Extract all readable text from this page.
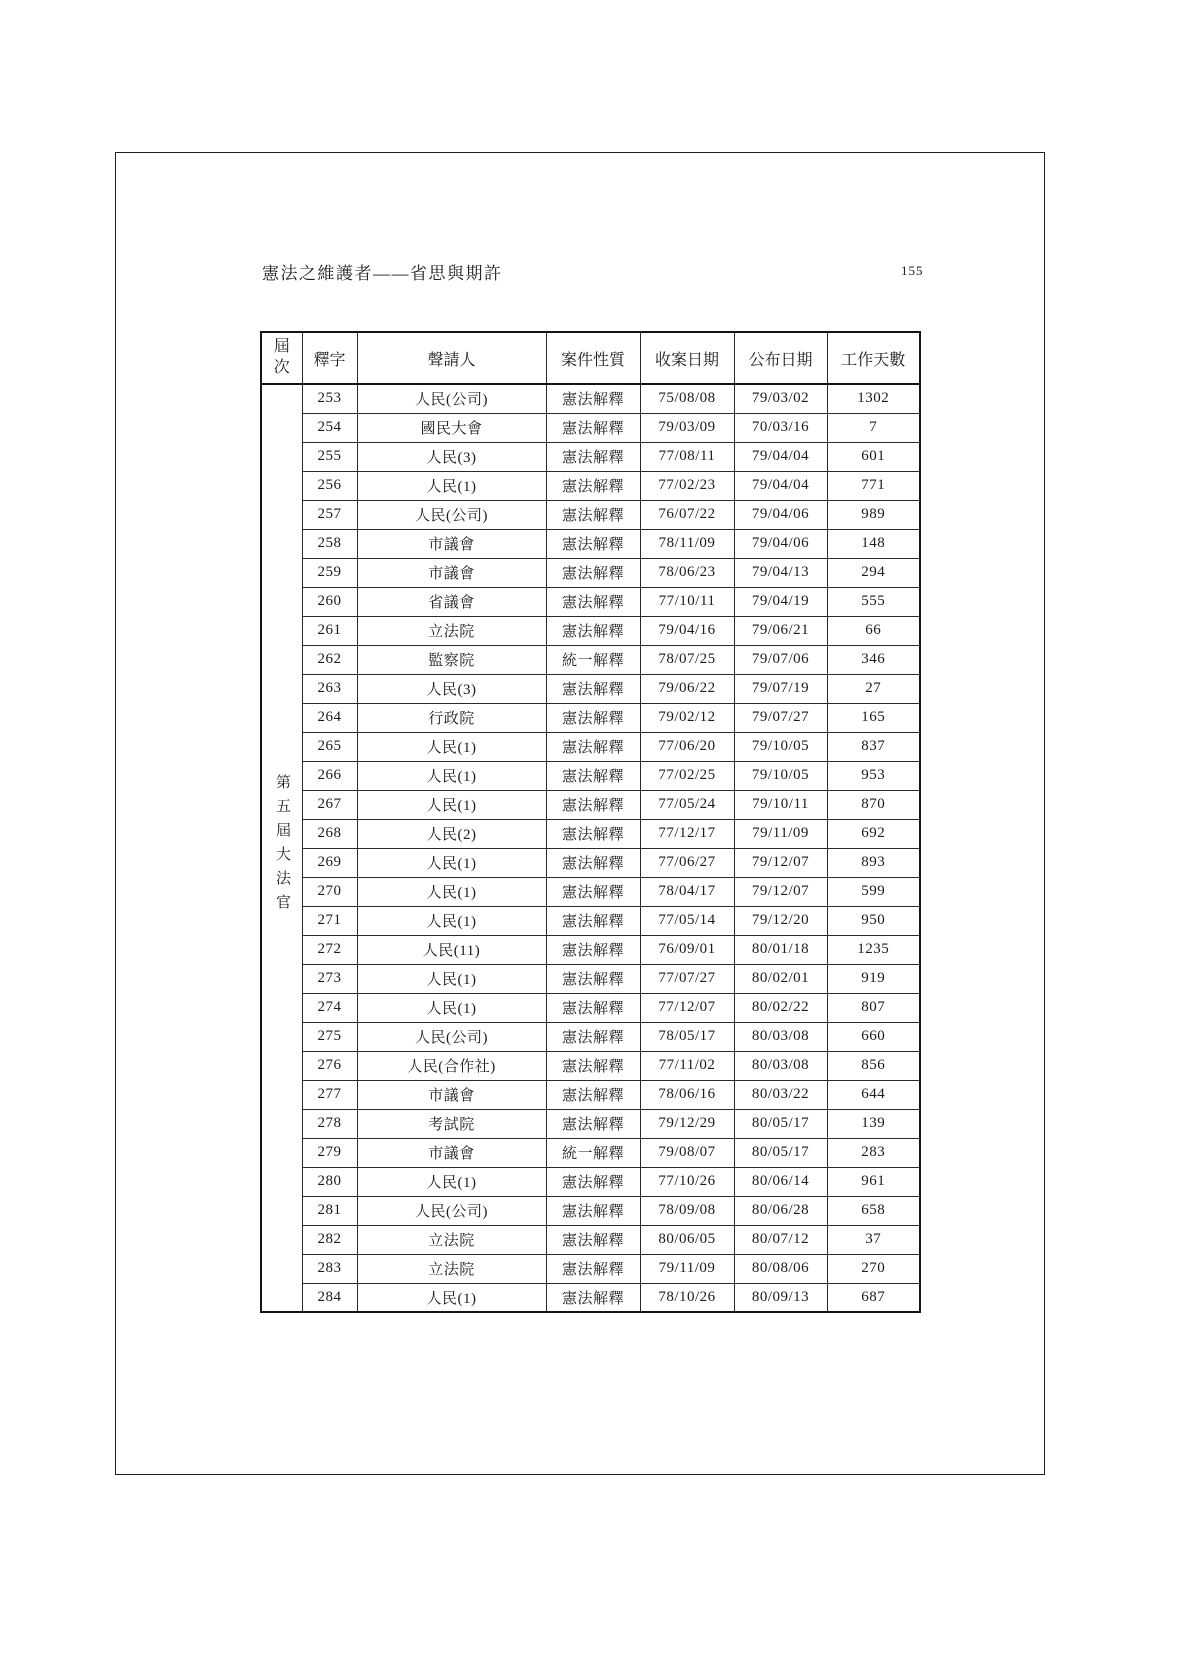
憲法之維護者——省思與期許	155
屆次	釋字	聲請人	案件性質	收案日期	公布日期	工作天數
第五屆大法官	253	人民(公司)	憲法解釋	75/08/08	79/03/02	1302
	254	國民大會	憲法解釋	79/03/09	70/03/16	7
	255	人民(3)	憲法解釋	77/08/11	79/04/04	601
	256	人民(1)	憲法解釋	77/02/23	79/04/04	771
	257	人民(公司)	憲法解釋	76/07/22	79/04/06	989
	258	市議會	憲法解釋	78/11/09	79/04/06	148
	259	市議會	憲法解釋	78/06/23	79/04/13	294
	260	省議會	憲法解釋	77/10/11	79/04/19	555
	261	立法院	憲法解釋	79/04/16	79/06/21	66
	262	監察院	統一解釋	78/07/25	79/07/06	346
	263	人民(3)	憲法解釋	79/06/22	79/07/19	27
	264	行政院	憲法解釋	79/02/12	79/07/27	165
	265	人民(1)	憲法解釋	77/06/20	79/10/05	837
	266	人民(1)	憲法解釋	77/02/25	79/10/05	953
	267	人民(1)	憲法解釋	77/05/24	79/10/11	870
	268	人民(2)	憲法解釋	77/12/17	79/11/09	692
	269	人民(1)	憲法解釋	77/06/27	79/12/07	893
	270	人民(1)	憲法解釋	78/04/17	79/12/07	599
	271	人民(1)	憲法解釋	77/05/14	79/12/20	950
	272	人民(11)	憲法解釋	76/09/01	80/01/18	1235
	273	人民(1)	憲法解釋	77/07/27	80/02/01	919
	274	人民(1)	憲法解釋	77/12/07	80/02/22	807
	275	人民(公司)	憲法解釋	78/05/17	80/03/08	660
	276	人民(合作社)	憲法解釋	77/11/02	80/03/08	856
	277	市議會	憲法解釋	78/06/16	80/03/22	644
	278	考試院	憲法解釋	79/12/29	80/05/17	139
	279	市議會	統一解釋	79/08/07	80/05/17	283
	280	人民(1)	憲法解釋	77/10/26	80/06/14	961
	281	人民(公司)	憲法解釋	78/09/08	80/06/28	658
	282	立法院	憲法解釋	80/06/05	80/07/12	37
	283	立法院	憲法解釋	79/11/09	80/08/06	270
	284	人民(1)	憲法解釋	78/10/26	80/09/13	687
